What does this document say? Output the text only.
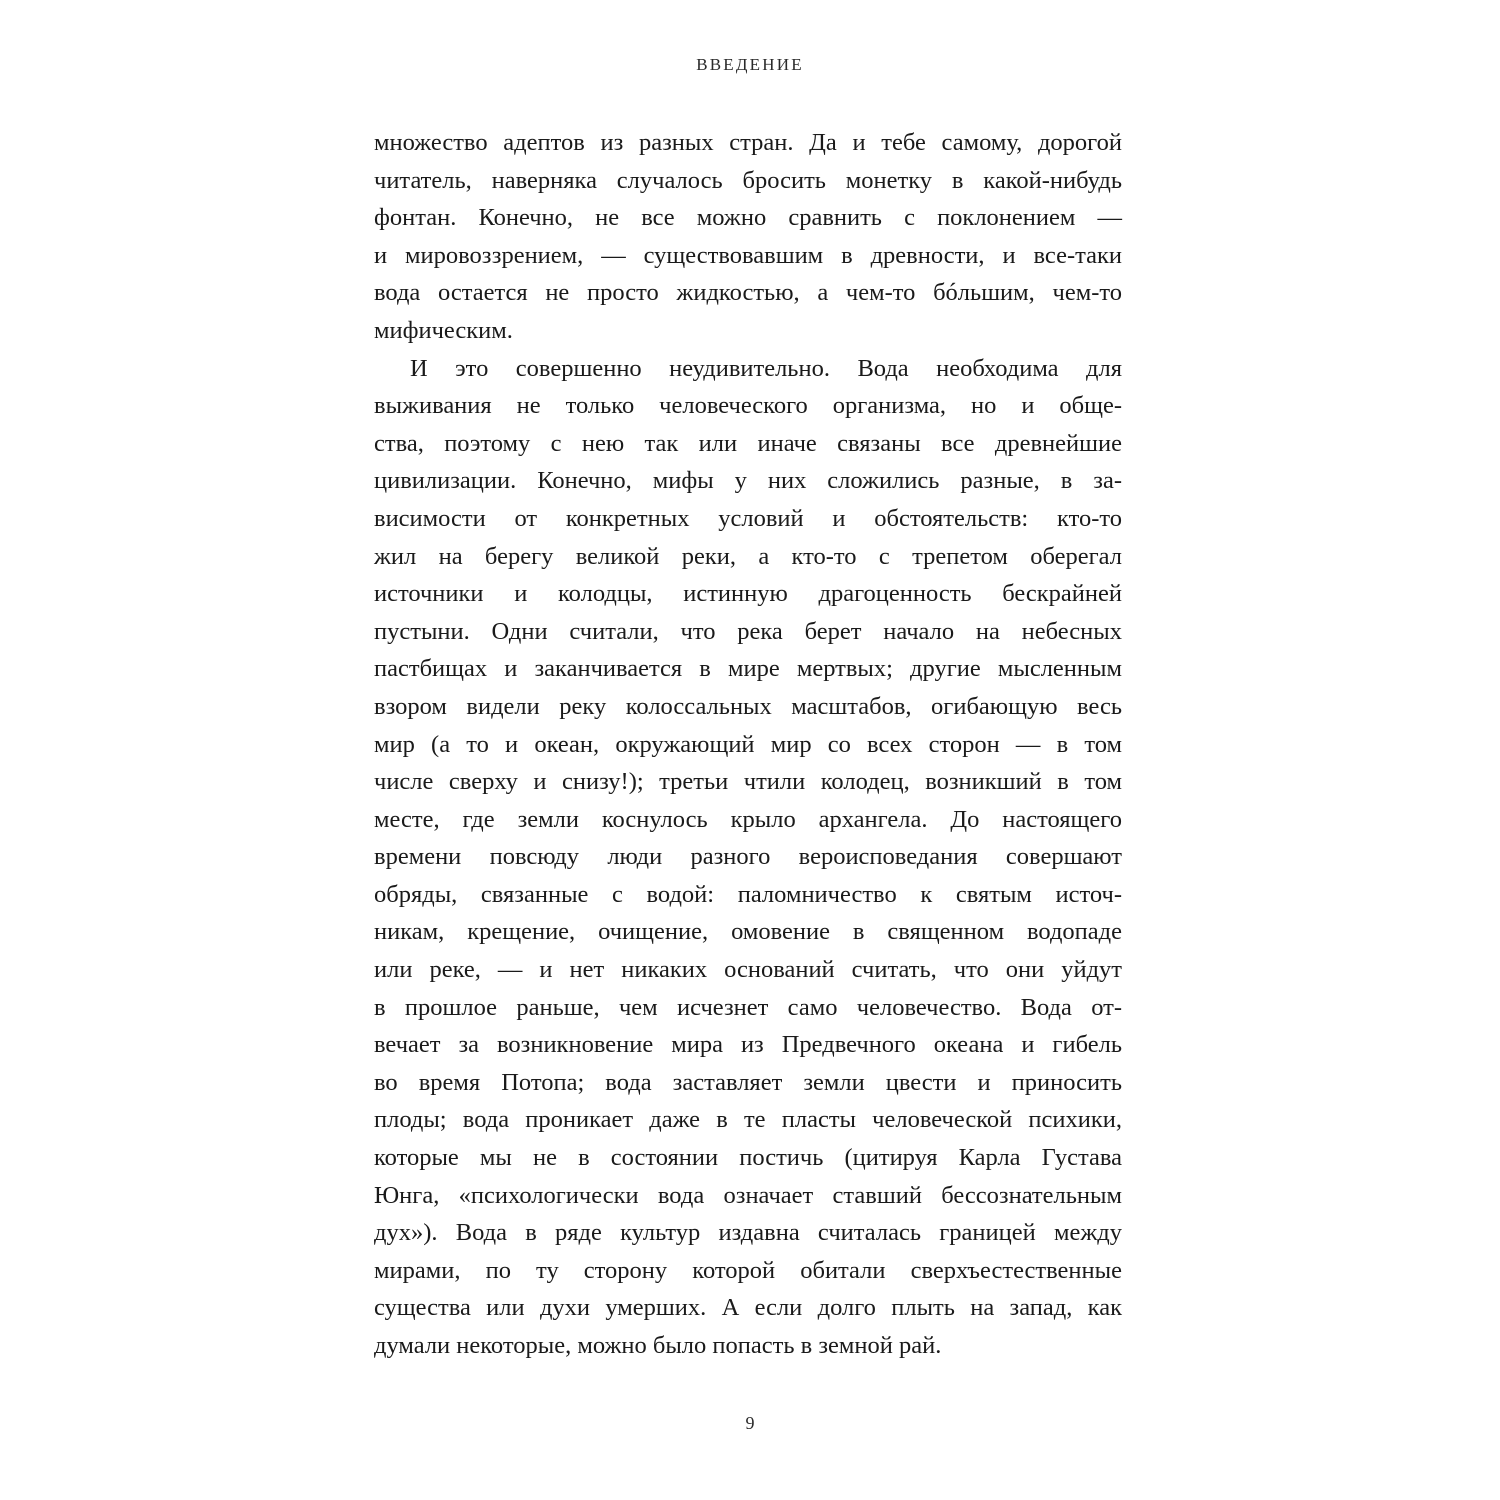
ВВЕДЕНИЕ
множество адептов из разных стран. Да и тебе самому, дорогой
читатель, наверняка случалось бросить монетку в какой-нибудь
фонтан. Конечно, не все можно сравнить с поклонением —
и мировоззрением, — существовавшим в древности, и все-таки
вода остается не просто жидкостью, а чем-то бóльшим, чем-то
мифическим.
И это совершенно неудивительно. Вода необходима для
выживания не только человеческого организма, но и обще-
ства, поэтому с нею так или иначе связаны все древнейшие
цивилизации. Конечно, мифы у них сложились разные, в за-
висимости от конкретных условий и обстоятельств: кто-то
жил на берегу великой реки, а кто-то с трепетом оберегал
источники и колодцы, истинную драгоценность бескрайней
пустыни. Одни считали, что река берет начало на небесных
пастбищах и заканчивается в мире мертвых; другие мысленным
взором видели реку колоссальных масштабов, огибающую весь
мир (а то и океан, окружающий мир со всех сторон — в том
числе сверху и снизу!); третьи чтили колодец, возникший в том
месте, где земли коснулось крыло архангела. До настоящего
времени повсюду люди разного вероисповедания совершают
обряды, связанные с водой: паломничество к святым источ-
никам, крещение, очищение, омовение в священном водопаде
или реке, — и нет никаких оснований считать, что они уйдут
в прошлое раньше, чем исчезнет само человечество. Вода от-
вечает за возникновение мира из Предвечного океана и гибель
во время Потопа; вода заставляет земли цвести и приносить
плоды; вода проникает даже в те пласты человеческой психики,
которые мы не в состоянии постичь (цитируя Карла Густава
Юнга, «психологически вода означает ставший бессознательным
дух»). Вода в ряде культур издавна считалась границей между
мирами, по ту сторону которой обитали сверхъестественные
существа или духи умерших. А если долго плыть на запад, как
думали некоторые, можно было попасть в земной рай.
9
